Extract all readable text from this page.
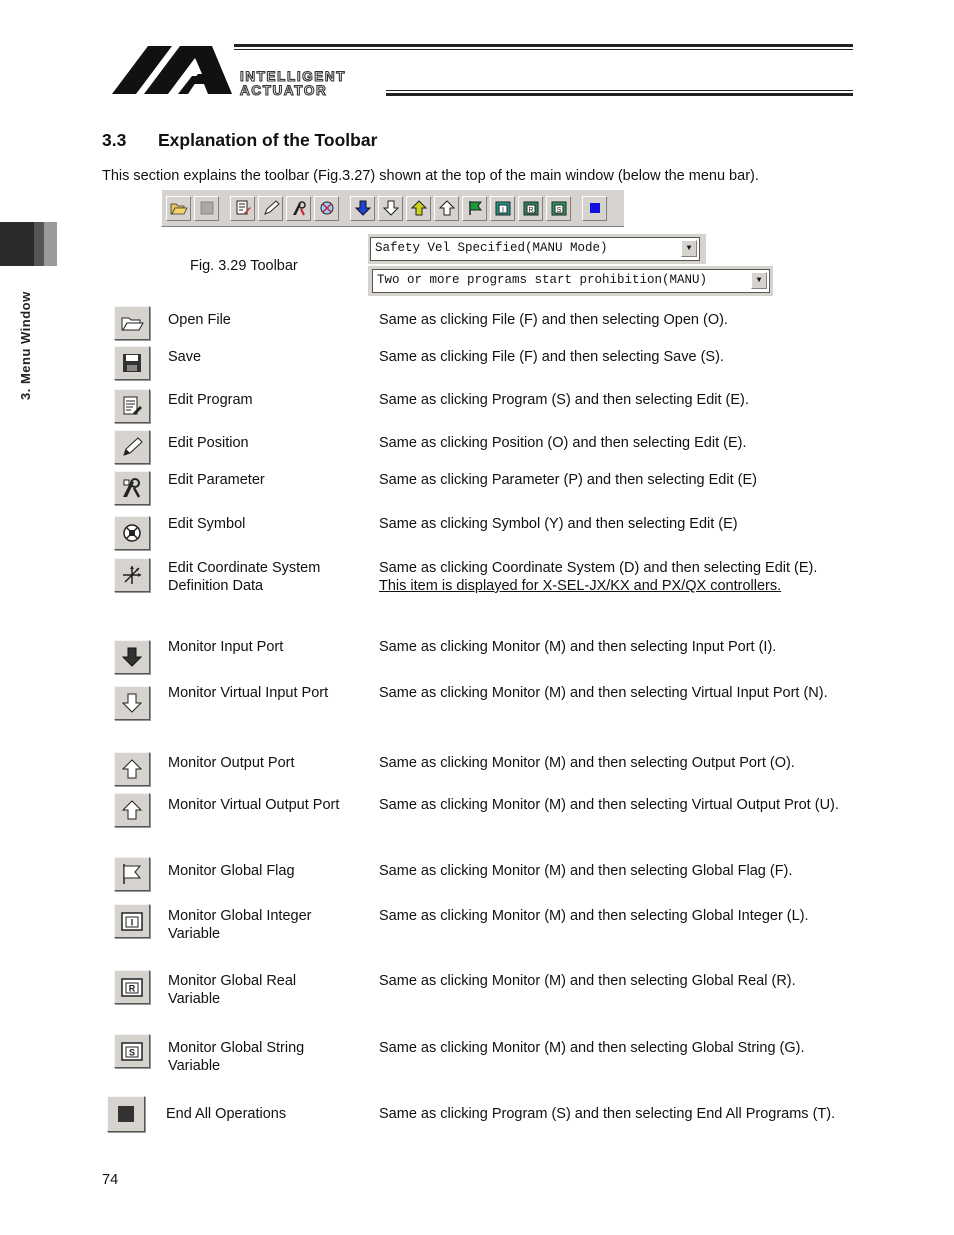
INTELLIGENT
ACTUATOR
3. Menu Window
3.3 Explanation of the Toolbar
This section explains the toolbar (Fig.3.27) shown at the top of the main window (below the menu bar).
I	R	S
Safety Vel Specified(MANU Mode)	▼
Two or more programs start prohibition(MANU)	▼
Fig. 3.29 Toolbar
Open File	Same as clicking File (F) and then selecting Open (O).
Save	Same as clicking File (F) and then selecting Save (S).
Edit Program	Same as clicking Program (S) and then selecting Edit (E).
Edit Position	Same as clicking Position (O) and then selecting Edit (E).
Edit Parameter	Same as clicking Parameter (P) and then selecting Edit (E)
Edit Symbol	Same as clicking Symbol (Y) and then selecting Edit (E)
Edit Coordinate System
Definition Data
Same as clicking Coordinate System (D) and then selecting Edit (E).
This item is displayed for X-SEL-JX/KX and PX/QX controllers.
Monitor Input Port	Same as clicking Monitor (M) and then selecting Input Port (I).
Monitor Virtual Input Port	Same as clicking Monitor (M) and then selecting Virtual Input Port (N).
Monitor Output Port	Same as clicking Monitor (M) and then selecting Output Port (O).
Monitor Virtual Output Port	Same as clicking Monitor (M) and then selecting Virtual Output Prot (U).
Monitor Global Flag	Same as clicking Monitor (M) and then selecting Global Flag (F).
I Monitor Global Integer
Variable
Same as clicking Monitor (M) and then selecting Global Integer (L).
R Monitor Global Real
Variable
Same as clicking Monitor (M) and then selecting Global Real (R).
S Monitor Global String
Variable
Same as clicking Monitor (M) and then selecting Global String (G).
End All Operations	Same as clicking Program (S) and then selecting End All Programs (T).
74
